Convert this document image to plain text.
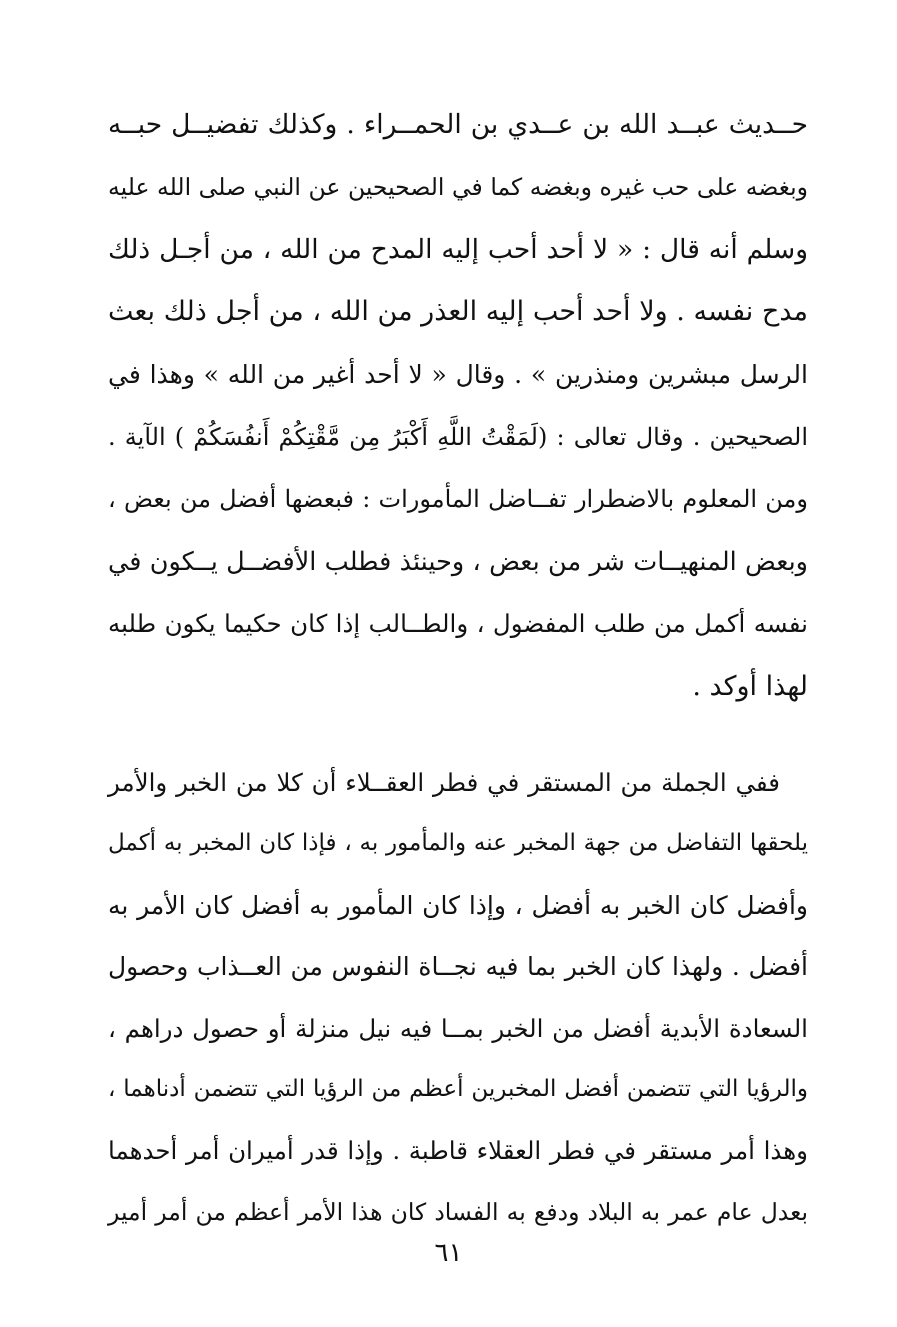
حــديث عبــد الله بن عــدي بن الحمــراء . وكذلك تفضيــل حبــه
وبغضه على حب غيره وبغضه كما في الصحيحين عن النبي صلى الله عليه
وسلم أنه قال : « لا أحد أحب إليه المدح من الله ، من أجـل ذلك
مدح نفسه . ولا أحد أحب إليه العذر من الله ، من أجل ذلك بعث
الرسل مبشرين ومنذرين » . وقال « لا أحد أغير من الله » وهذا في
الصحيحين . وقال تعالى : (لَمَقْتُ اللَّهِ أَكْبَرُ مِن مَّقْتِكُمْ أَنفُسَكُمْ ) الآية .
ومن المعلوم بالاضطرار تفــاضل المأمورات : فبعضها أفضل من بعض ،
وبعض المنهيــات شر من بعض ، وحينئذ فطلب الأفضــل يــكون في
نفسه أكمل من طلب المفضول ، والطــالب إذا كان حكيما يكون طلبه
لهذا أوكد .
ففي الجملة من المستقر في فطر العقــلاء أن كلا من الخبر والأمر
يلحقها التفاضل من جهة المخبر عنه والمأمور به ، فإذا كان المخبر به أكمل
وأفضل كان الخبر به أفضل ، وإذا كان المأمور به أفضل كان الأمر به
أفضل . ولهذا كان الخبر بما فيه نجــاة النفوس من العــذاب وحصول
السعادة الأبدية أفضل من الخبر بمــا فيه نيل منزلة أو حصول دراهم ،
والرؤيا التي تتضمن أفضل المخبرين أعظم من الرؤيا التي تتضمن أدناهما ،
وهذا أمر مستقر في فطر العقلاء قاطبة . وإذا قدر أميران أمر أحدهما
بعدل عام عمر به البلاد ودفع به الفساد كان هذا الأمر أعظم من أمر أمير
٦١
